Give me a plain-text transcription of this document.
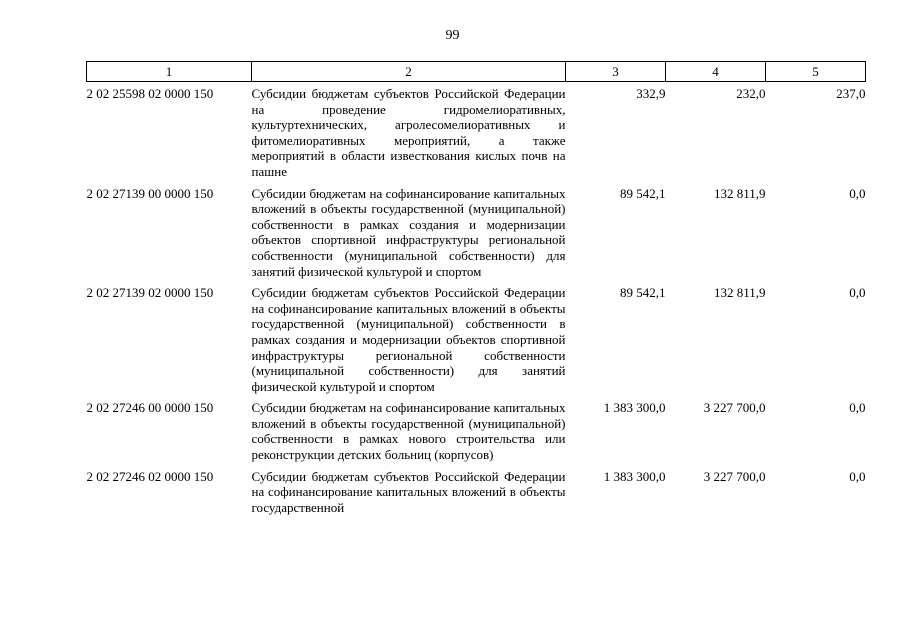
99
1	2	3	4	5
2 02 25598 02 0000 150	Субсидии бюджетам субъектов Российской Федерации на проведение гидромелиоративных, культуртехнических, агролесомелиоративных и фитомелиоративных мероприятий, а также мероприятий в области известкования кислых почв на пашне	332,9	232,0	237,0
2 02 27139 00 0000 150	Субсидии бюджетам на софинансирование капитальных вложений в объекты государственной (муниципальной) собственности в рамках создания и модернизации объектов спортивной инфраструктуры региональной собственности (муниципальной собственности) для занятий физической культурой и спортом	89 542,1	132 811,9	0,0
2 02 27139 02 0000 150	Субсидии бюджетам субъектов Российской Федерации на софинансирование капитальных вложений в объекты государственной (муниципальной) собственности в рамках создания и модернизации объектов спортивной инфраструктуры региональной собственности (муниципальной собственности) для занятий физической культурой и спортом	89 542,1	132 811,9	0,0
2 02 27246 00 0000 150	Субсидии бюджетам на софинансирование капитальных вложений в объекты государственной (муниципальной) собственности в рамках нового строительства или реконструкции детских больниц (корпусов)	1 383 300,0	3 227 700,0	0,0
2 02 27246 02 0000 150	Субсидии бюджетам субъектов Российской Федерации на софинансирование капитальных вложений в объекты государственной	1 383 300,0	3 227 700,0	0,0
